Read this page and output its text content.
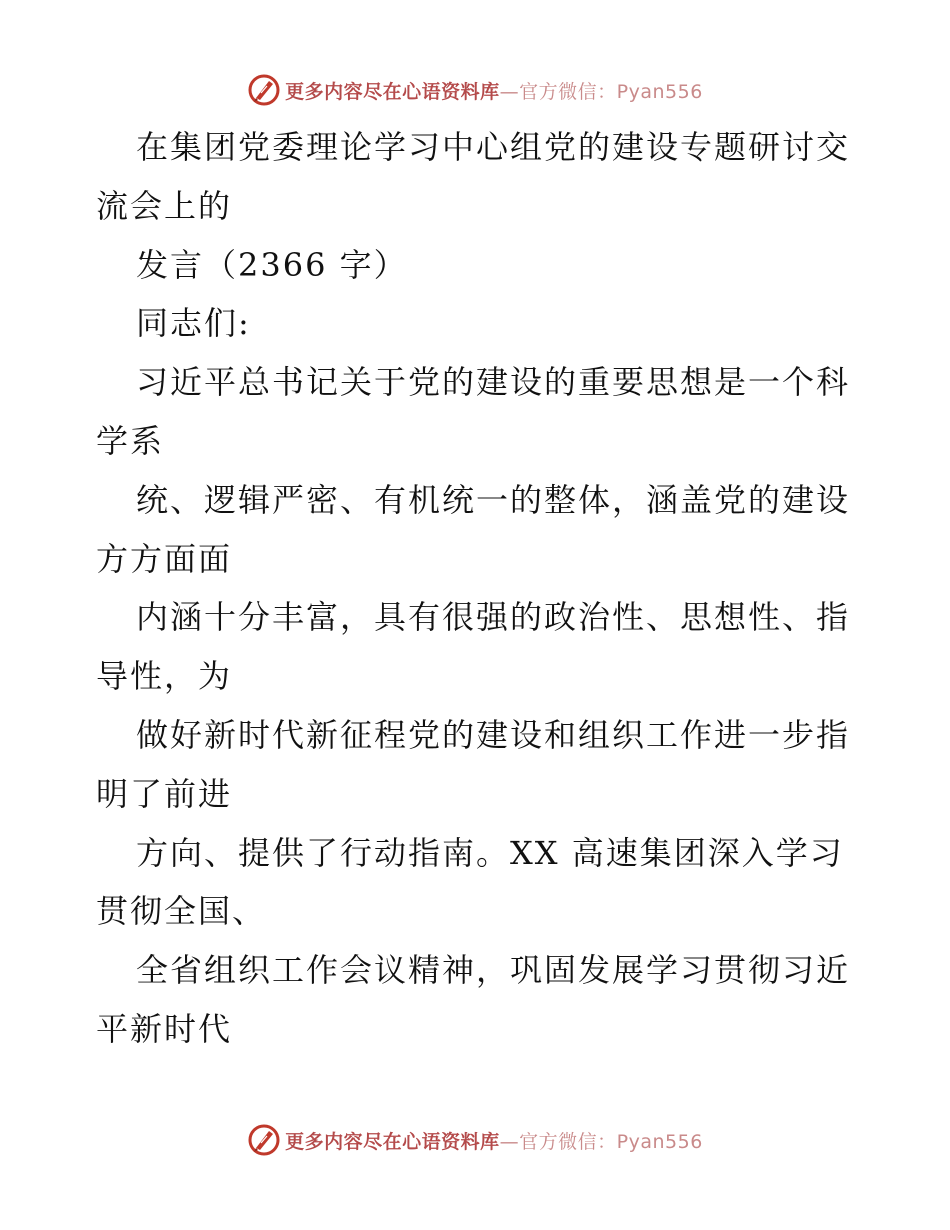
更多内容尽在心语资料库—官方微信：Pyan556
在集团党委理论学习中心组党的建设专题研讨交
流会上的
发言（2366 字）
同志们:
习近平总书记关于党的建设的重要思想是一个科
学系
统、逻辑严密、有机统一的整体，涵盖党的建设
方方面面
内涵十分丰富，具有很强的政治性、思想性、指
导性，为
做好新时代新征程党的建设和组织工作进一步指
明了前进
方向、提供了行动指南。XX 高速集团深入学习
贯彻全国、
全省组织工作会议精神，巩固发展学习贯彻习近
平新时代
更多内容尽在心语资料库—官方微信：Pyan556
